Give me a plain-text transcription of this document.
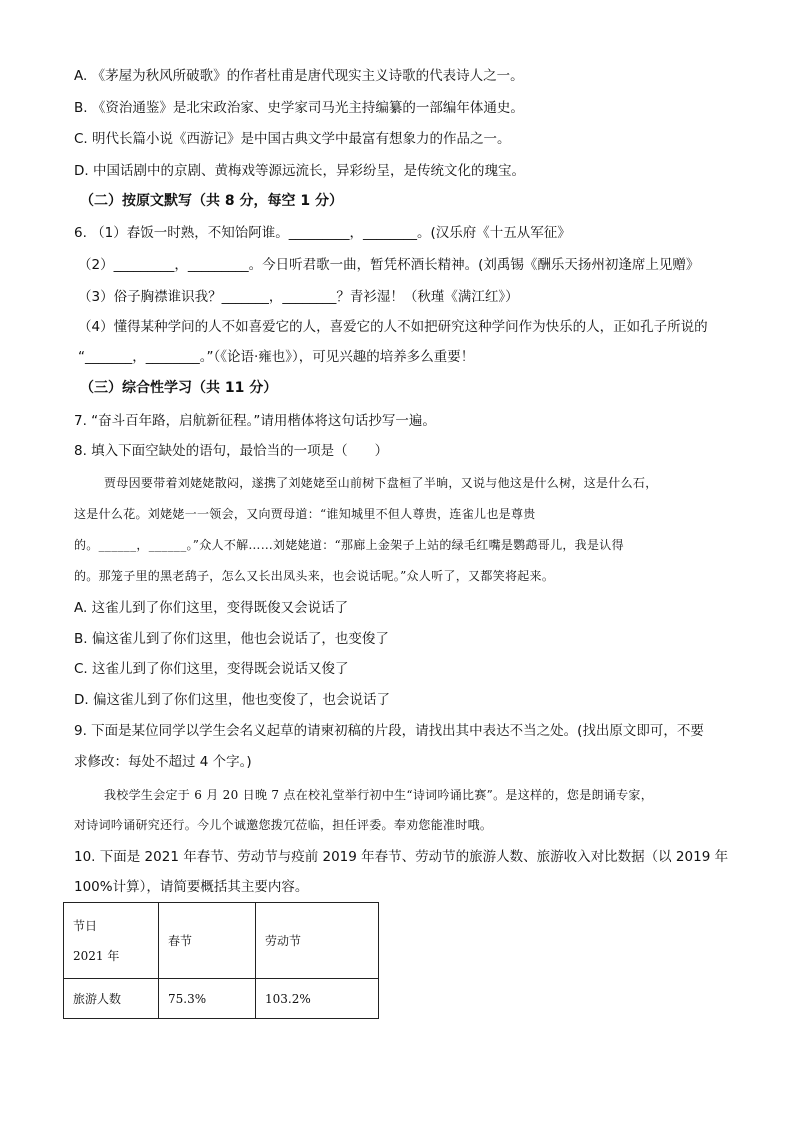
A. 《茅屋为秋风所破歌》的作者杜甫是唐代现实主义诗歌的代表诗人之一。
B. 《资治通鉴》是北宋政治家、史学家司马光主持编纂的一部编年体通史。
C. 明代长篇小说《西游记》是中国古典文学中最富有想象力的作品之一。
D. 中国话剧中的京剧、黄梅戏等源远流长，异彩纷呈，是传统文化的瑰宝。
（二）按原文默写（共 8 分，每空 1 分）
6. （1）舂饭一时熟，不知饴阿谁。_________，________。(汉乐府《十五从军征》
（2）_________，_________。今日听君歌一曲，暂凭杯酒长精神。(刘禹锡《酬乐天扬州初逢席上见赠》
（3）俗子胸襟谁识我？_______，________？青衫湿！（秋瑾《满江红》）
（4）懂得某种学问的人不如喜爱它的人，喜爱它的人不如把研究这种学问作为快乐的人，正如孔子所说的
“_______，________。”（《论语·雍也》），可见兴趣的培养多么重要！
（三）综合性学习（共 11 分）
7. “奋斗百年路，启航新征程。”请用楷体将这句话抄写一遍。
8. 填入下面空缺处的语句，最恰当的一项是（　　）
贾母因要带着刘姥姥散闷，遂携了刘姥姥至山前树下盘桓了半晌，又说与他这是什么树，这是什么石，
这是什么花。刘姥姥一一领会，又向贾母道：“谁知城里不但人尊贵，连雀儿也是尊贵
的。______，______。”众人不解……刘姥姥道：“那廊上金架子上站的绿毛红嘴是鹦鹉哥儿，我是认得
的。那笼子里的黑老鸹子，怎么又长出凤头来，也会说话呢。”众人听了，又都笑将起来。
A. 这雀儿到了你们这里，变得既俊又会说话了
B. 偏这雀儿到了你们这里，他也会说话了，也变俊了
C. 这雀儿到了你们这里，变得既会说话又俊了
D. 偏这雀儿到了你们这里，他也变俊了，也会说话了
9. 下面是某位同学以学生会名义起草的请柬初稿的片段，请找出其中表达不当之处。(找出原文即可，不要
求修改：每处不超过 4 个字。)
我校学生会定于 6 月 20 日晚 7 点在校礼堂举行初中生“诗词吟诵比赛”。是这样的，您是朗诵专家，
对诗词吟诵研究还行。今儿个诚邀您拨冗莅临，担任评委。奉劝您能准时哦。
10. 下面是 2021 年春节、劳动节与疫前 2019 年春节、劳动节的旅游人数、旅游收入对比数据（以 2019 年
100%计算），请简要概括其主要内容。
节日
2021 年	春节	劳动节
旅游人数	75.3%	103.2%
